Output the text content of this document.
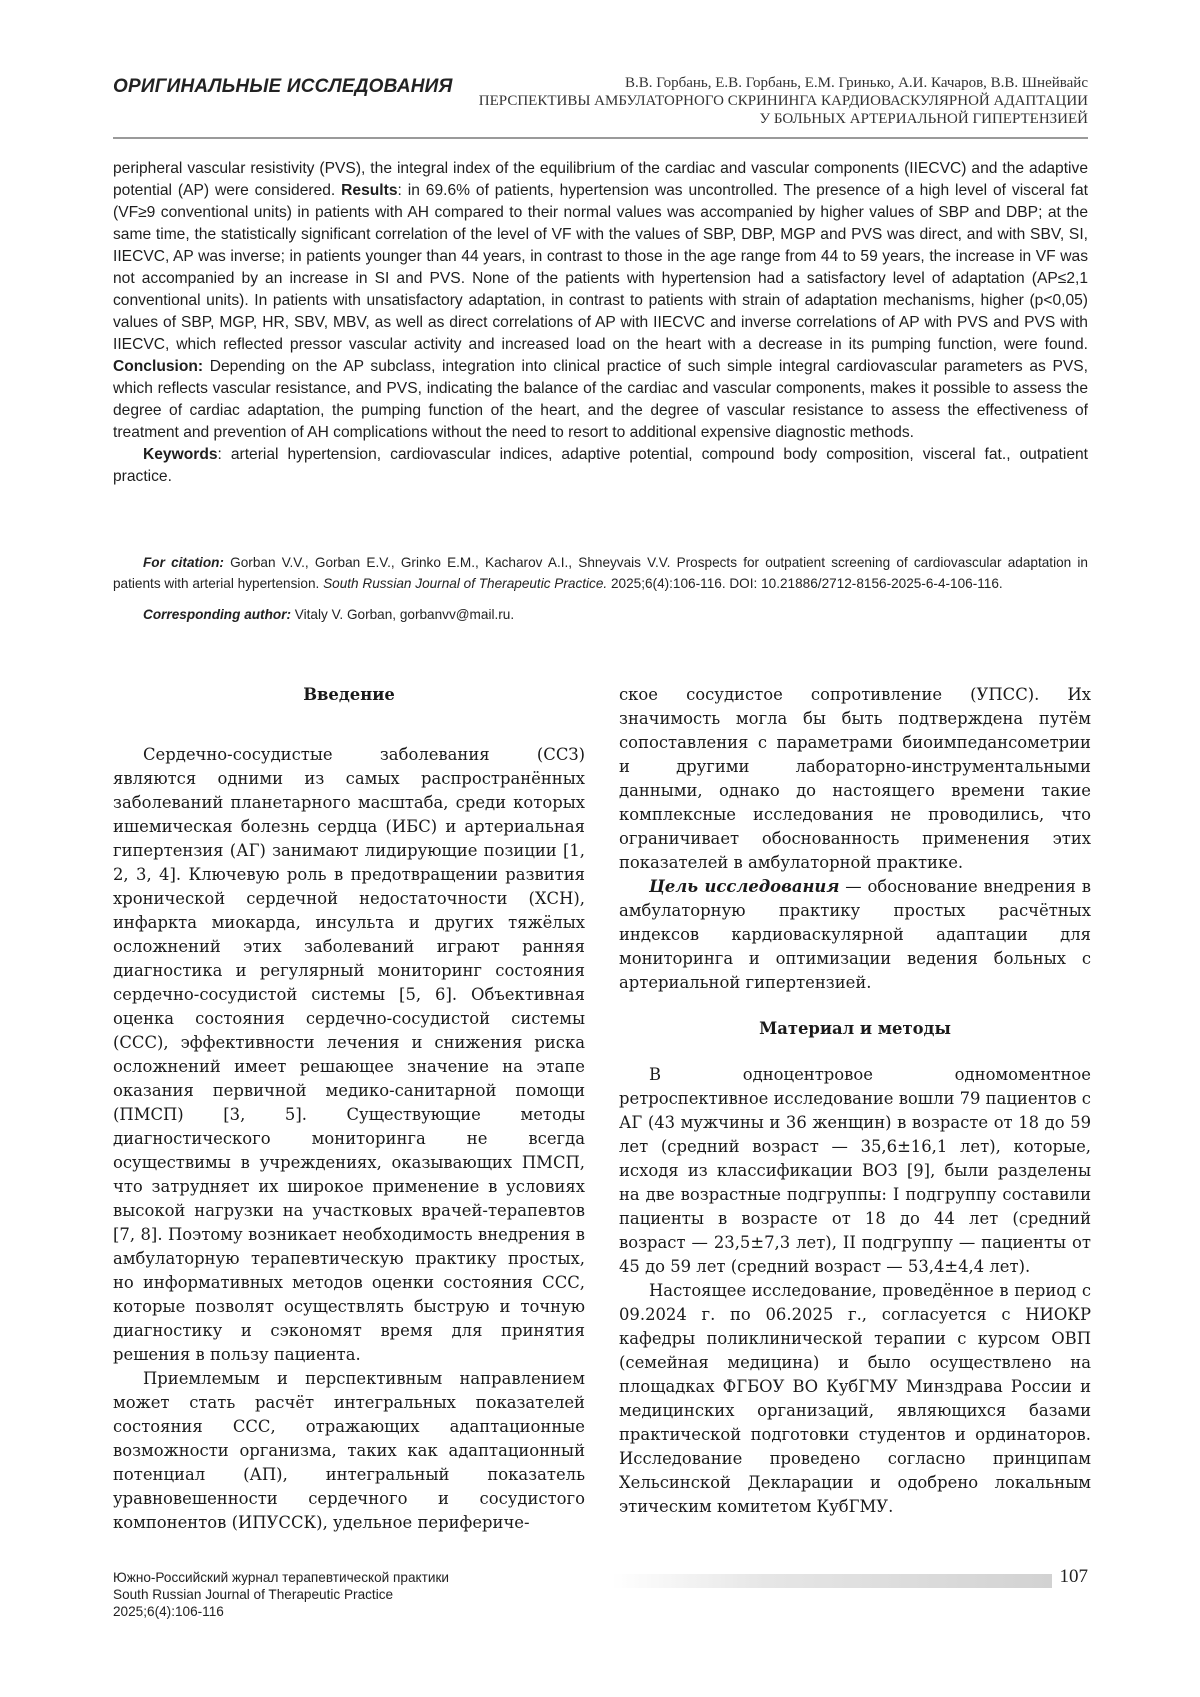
ОРИГИНАЛЬНЫЕ ИССЛЕДОВАНИЯ	В.В. Горбань, Е.В. Горбань, Е.М. Гринько, А.И. Качаров, В.В. Шнейвайс
ПЕРСПЕКТИВЫ АМБУЛАТОРНОГО СКРИНИНГА КАРДИОВАСКУЛЯРНОЙ АДАПТАЦИИ
У БОЛЬНЫХ АРТЕРИАЛЬНОЙ ГИПЕРТЕНЗИЕЙ

peripheral vascular resistivity (PVS), the integral index of the equilibrium of the cardiac and vascular components (IIECVC) and the adaptive potential (AP) were considered. Results: in 69.6% of patients, hypertension was uncontrolled. The presence of a high level of visceral fat (VF≥9 conventional units) in patients with AH compared to their normal values was accompanied by higher values of SBP and DBP; at the same time, the statistically significant correlation of the level of VF with the values of SBP, DBP, MGP and PVS was direct, and with SBV, SI, IIECVC, AP was inverse; in patients younger than 44 years, in contrast to those in the age range from 44 to 59 years, the increase in VF was not accompanied by an increase in SI and PVS. None of the patients with hypertension had a satisfactory level of adaptation (AP≤2,1 conventional units). In patients with unsatisfactory adaptation, in contrast to patients with strain of adaptation mechanisms, higher (p<0,05) values of SBP, MGP, HR, SBV, MBV, as well as direct correlations of AP with IIECVC and inverse correlations of AP with PVS and PVS with IIECVC, which reflected pressor vascular activity and increased load on the heart with a decrease in its pumping function, were found. Conclusion: Depending on the AP subclass, integration into clinical practice of such simple integral cardiovascular parameters as PVS, which reflects vascular resistance, and PVS, indicating the balance of the cardiac and vascular components, makes it possible to assess the degree of cardiac adaptation, the pumping function of the heart, and the degree of vascular resistance to assess the effectiveness of treatment and prevention of AH complications without the need to resort to additional expensive diagnostic methods.

Keywords: arterial hypertension, cardiovascular indices, adaptive potential, compound body composition, visceral fat., outpatient practice.

For citation: Gorban V.V., Gorban E.V., Grinko E.M., Kacharov A.I., Shneyvais V.V. Prospects for outpatient screening of cardiovascular adaptation in patients with arterial hypertension. South Russian Journal of Therapeutic Practice. 2025;6(4):106-116. DOI: 10.21886/2712-8156-2025-6-4-106-116.

Corresponding author: Vitaly V. Gorban, gorbanvv@mail.ru.

Введение

Сердечно-сосудистые заболевания (ССЗ) являются одними из самых распространённых заболеваний планетарного масштаба, среди которых ишемическая болезнь сердца (ИБС) и артериальная гипертензия (АГ) занимают лидирующие позиции [1, 2, 3, 4]. Ключевую роль в предотвращении развития хронической сердечной недостаточности (ХСН), инфаркта миокарда, инсульта и других тяжёлых осложнений этих заболеваний играют ранняя диагностика и регулярный мониторинг состояния сердечно-сосудистой системы [5, 6]. Объективная оценка состояния сердечно-сосудистой системы (ССС), эффективности лечения и снижения риска осложнений имеет решающее значение на этапе оказания первичной медико-санитарной помощи (ПМСП) [3, 5]. Существующие методы диагностического мониторинга не всегда осуществимы в учреждениях, оказывающих ПМСП, что затрудняет их широкое применение в условиях высокой нагрузки на участковых врачей-терапевтов [7, 8]. Поэтому возникает необходимость внедрения в амбулаторную терапевтическую практику простых, но информативных методов оценки состояния ССС, которые позволят осуществлять быструю и точную диагностику и сэкономят время для принятия решения в пользу пациента.

Приемлемым и перспективным направлением может стать расчёт интегральных показателей состояния ССС, отражающих адаптационные возможности организма, таких как адаптационный потенциал (АП), интегральный показатель уравновешенности сердечного и сосудистого компонентов (ИПУССК), удельное перифериче-

ское сосудистое сопротивление (УПСС). Их значимость могла бы быть подтверждена путём сопоставления с параметрами биоимпедансометрии и другими лабораторно-инструментальными данными, однако до настоящего времени такие комплексные исследования не проводились, что ограничивает обоснованность применения этих показателей в амбулаторной практике.

Цель исследования — обоснование внедрения в амбулаторную практику простых расчётных индексов кардиоваскулярной адаптации для мониторинга и оптимизации ведения больных с артериальной гипертензией.

Материал и методы

В одноцентровое одномоментное ретроспективное исследование вошли 79 пациентов с АГ (43 мужчины и 36 женщин) в возрасте от 18 до 59 лет (средний возраст — 35,6±16,1 лет), которые, исходя из классификации ВОЗ [9], были разделены на две возрастные подгруппы: I подгруппу составили пациенты в возрасте от 18 до 44 лет (средний возраст — 23,5±7,3 лет), II подгруппу — пациенты от 45 до 59 лет (средний возраст — 53,4±4,4 лет).

Настоящее исследование, проведённое в период с 09.2024 г. по 06.2025 г., согласуется с НИОКР кафедры поликлинической терапии с курсом ОВП (семейная медицина) и было осуществлено на площадках ФГБОУ ВО КубГМУ Минздрава России и медицинских организаций, являющихся базами практической подготовки студентов и ординаторов. Исследование проведено согласно принципам Хельсинской Декларации и одобрено локальным этическим комитетом КубГМУ.

Южно-Российский журнал терапевтической практики
South Russian Journal of Therapeutic Practice
2025;6(4):106-116
107
